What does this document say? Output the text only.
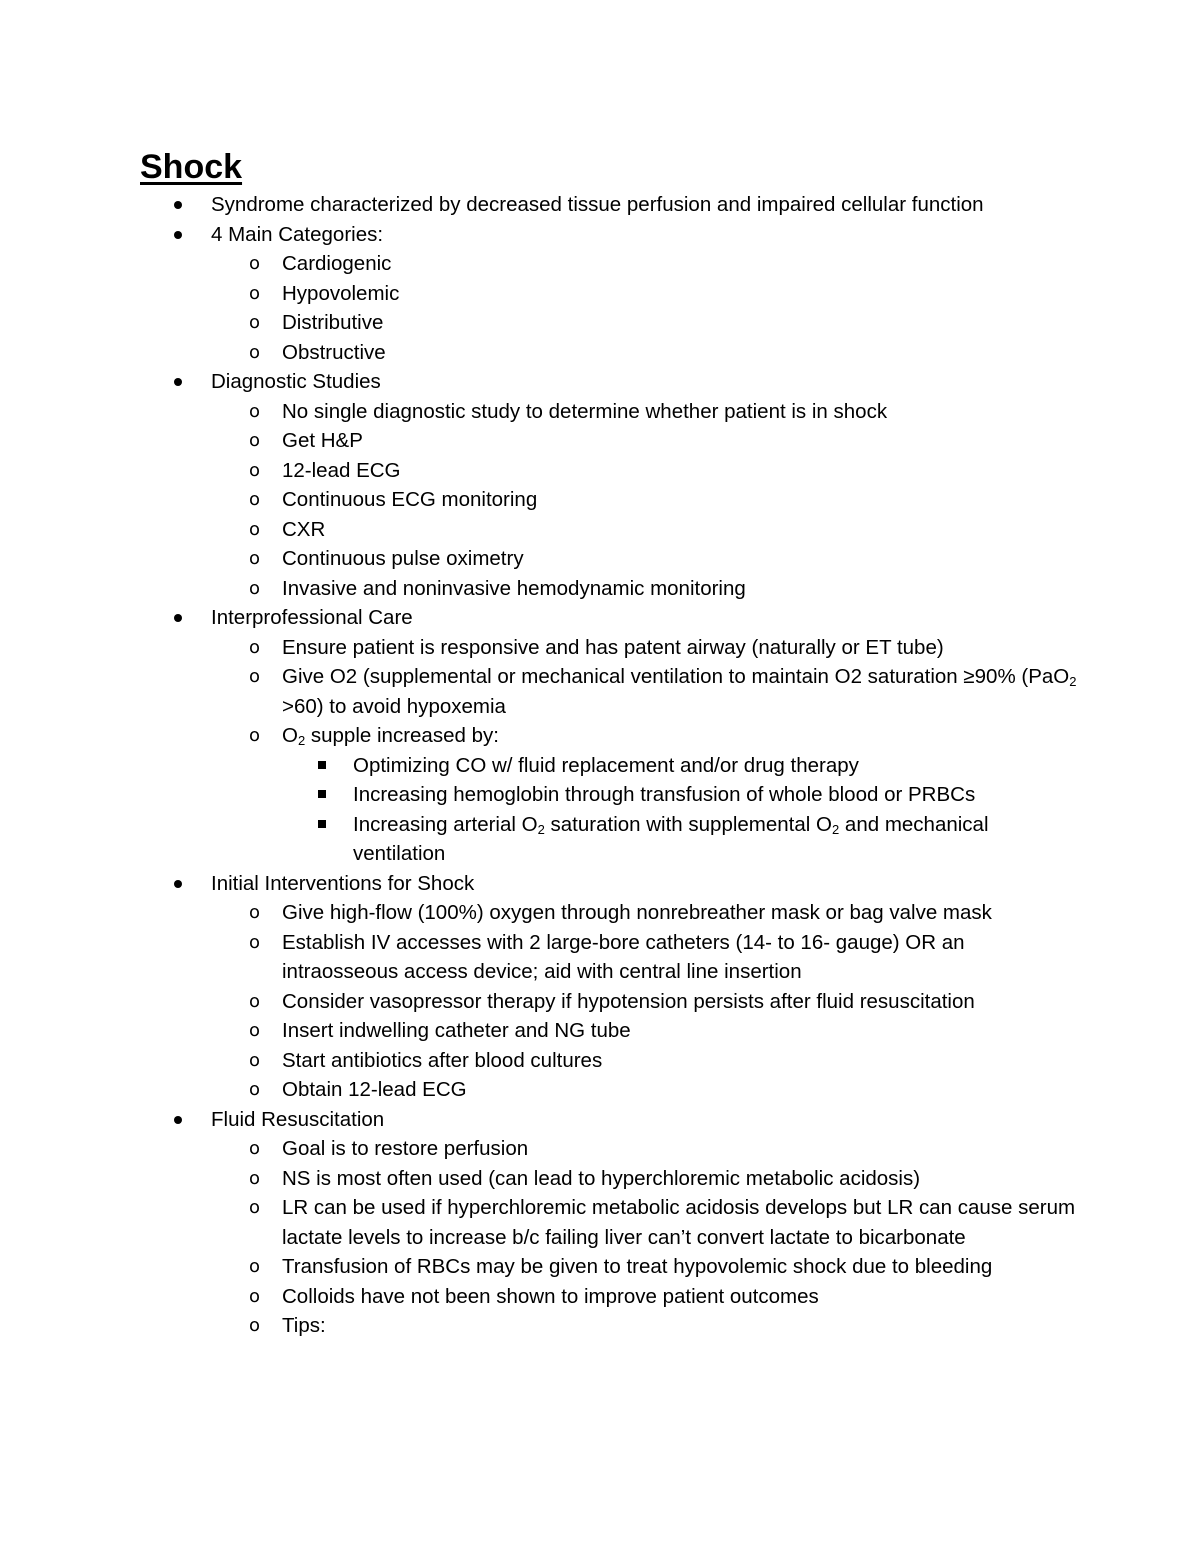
Shock
Syndrome characterized by decreased tissue perfusion and impaired cellular function
4 Main Categories:
o Cardiogenic
o Hypovolemic
o Distributive
o Obstructive
Diagnostic Studies
o No single diagnostic study to determine whether patient is in shock
o Get H&P
o 12-lead ECG
o Continuous ECG monitoring
o CXR
o Continuous pulse oximetry
o Invasive and noninvasive hemodynamic monitoring
Interprofessional Care
o Ensure patient is responsive and has patent airway (naturally or ET tube)
o Give O2 (supplemental or mechanical ventilation to maintain O2 saturation ≥90% (PaO$_2$ >60) to avoid hypoxemia
o $O_2$ supple increased by:
Optimizing CO w/ fluid replacement and/or drug therapy
Increasing hemoglobin through transfusion of whole blood or PRBCs
Increasing arterial $O_2$ saturation with supplemental $O_2$ and mechanical ventilation
Initial Interventions for Shock
o Give high-flow (100%) oxygen through nonrebreather mask or bag valve mask
o Establish IV accesses with 2 large-bore catheters (14- to 16- gauge) OR an intraosseous access device; aid with central line insertion
o Consider vasopressor therapy if hypotension persists after fluid resuscitation
o Insert indwelling catheter and NG tube
o Start antibiotics after blood cultures
o Obtain 12-lead ECG
Fluid Resuscitation
o Goal is to restore perfusion
o NS is most often used (can lead to hyperchloremic metabolic acidosis)
o LR can be used if hyperchloremic metabolic acidosis develops but LR can cause serum lactate levels to increase b/c failing liver can’t convert lactate to bicarbonate
o Transfusion of RBCs may be given to treat hypovolemic shock due to bleeding
o Colloids have not been shown to improve patient outcomes
o Tips:
